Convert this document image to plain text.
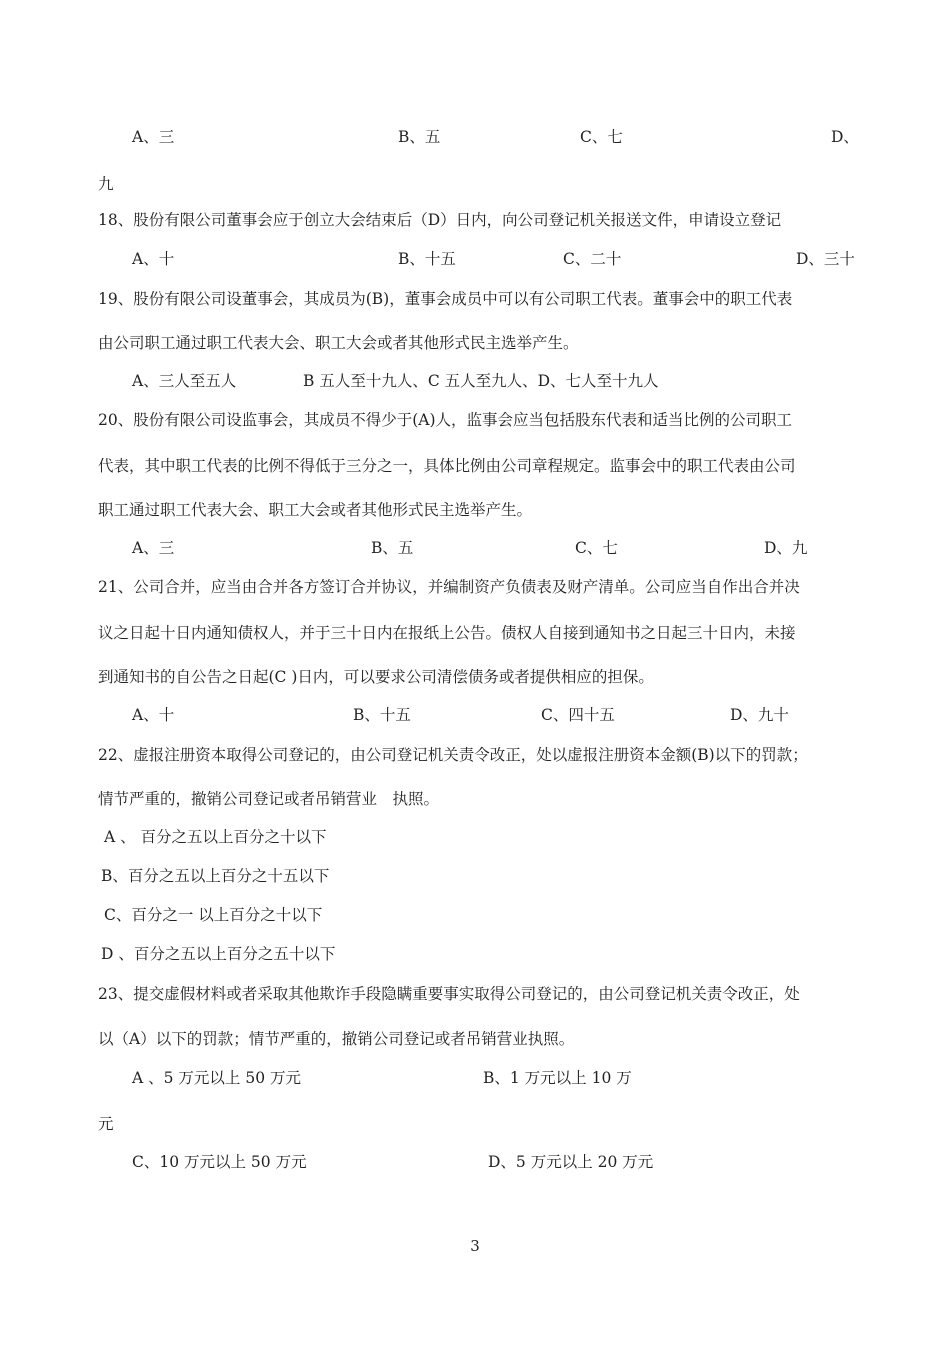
A、三	B、五	C、七	D、
九
18、股份有限公司董事会应于创立大会结束后（D）日内，向公司登记机关报送文件，申请设立登记
A、十	B、十五	C、二十	D、三十
19、股份有限公司设董事会，其成员为(B)，董事会成员中可以有公司职工代表。董事会中的职工代表
由公司职工通过职工代表大会、职工大会或者其他形式民主选举产生。
A、三人至五人	B 五人至十九人、C 五人至九人、D、七人至十九人
20、股份有限公司设监事会，其成员不得少于(A)人，监事会应当包括股东代表和适当比例的公司职工
代表，其中职工代表的比例不得低于三分之一，具体比例由公司章程规定。监事会中的职工代表由公司
职工通过职工代表大会、职工大会或者其他形式民主选举产生。
A、三	B、五	C、七	D、九
21、公司合并，应当由合并各方签订合并协议，并编制资产负债表及财产清单。公司应当自作出合并决
议之日起十日内通知债权人，并于三十日内在报纸上公告。债权人自接到通知书之日起三十日内，未接
到通知书的自公告之日起(C )日内，可以要求公司清偿债务或者提供相应的担保。
A、十	B、十五	C、四十五	D、九十
22、虚报注册资本取得公司登记的，由公司登记机关责令改正，处以虚报注册资本金额(B)以下的罚款；
情节严重的，撤销公司登记或者吊销营业　执照。
A 、 百分之五以上百分之十以下
B、百分之五以上百分之十五以下
C、百分之一 以上百分之十以下
D 、百分之五以上百分之五十以下
23、提交虚假材料或者采取其他欺诈手段隐瞒重要事实取得公司登记的，由公司登记机关责令改正，处
以（A）以下的罚款；情节严重的，撤销公司登记或者吊销营业执照。
A 、5 万元以上 50 万元	B、1 万元以上 10 万
元
C、10 万元以上 50 万元	D、5 万元以上 20 万元
3
